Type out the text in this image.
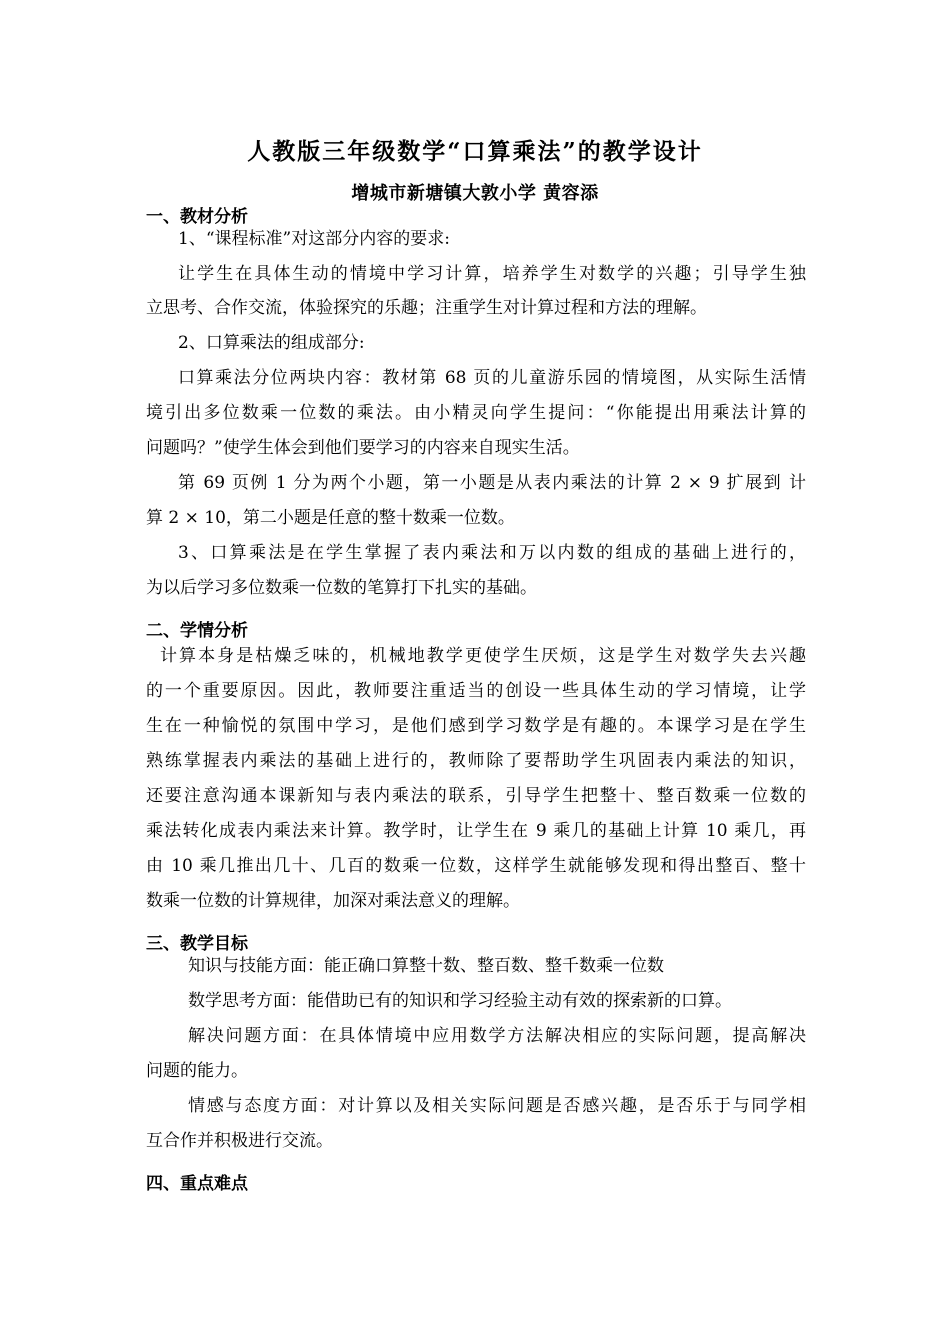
人教版三年级数学“口算乘法”的教学设计
增城市新塘镇大敦小学 黄容添
一、教材分析
1、“课程标准”对这部分内容的要求:
让学生在具体生动的情境中学习计算，培养学生对数学的兴趣；引导学生独
立思考、合作交流，体验探究的乐趣；注重学生对计算过程和方法的理解。
2、口算乘法的组成部分:
口算乘法分位两块内容：教材第 68 页的儿童游乐园的情境图，从实际生活情
境引出多位数乘一位数的乘法。由小精灵向学生提问：“你能提出用乘法计算的
问题吗？”使学生体会到他们要学习的内容来自现实生活。
第 69 页例 1 分为两个小题，第一小题是从表内乘法的计算 2 × 9 扩展到 计
算 2 × 10，第二小题是任意的整十数乘一位数。
3、口算乘法是在学生掌握了表内乘法和万以内数的组成的基础上进行的，
为以后学习多位数乘一位数的笔算打下扎实的基础。
二、学情分析
计算本身是枯燥乏味的，机械地教学更使学生厌烦，这是学生对数学失去兴趣
的一个重要原因。因此，教师要注重适当的创设一些具体生动的学习情境，让学
生在一种愉悦的氛围中学习，是他们感到学习数学是有趣的。本课学习是在学生
熟练掌握表内乘法的基础上进行的，教师除了要帮助学生巩固表内乘法的知识，
还要注意沟通本课新知与表内乘法的联系，引导学生把整十、整百数乘一位数的
乘法转化成表内乘法来计算。教学时，让学生在 9 乘几的基础上计算 10 乘几，再
由 10 乘几推出几十、几百的数乘一位数，这样学生就能够发现和得出整百、整十
数乘一位数的计算规律，加深对乘法意义的理解。
三、教学目标
知识与技能方面：能正确口算整十数、整百数、整千数乘一位数
数学思考方面：能借助已有的知识和学习经验主动有效的探索新的口算。
解决问题方面：在具体情境中应用数学方法解决相应的实际问题，提高解决
问题的能力。
情感与态度方面：对计算以及相关实际问题是否感兴趣，是否乐于与同学相
互合作并积极进行交流。
四、重点难点
